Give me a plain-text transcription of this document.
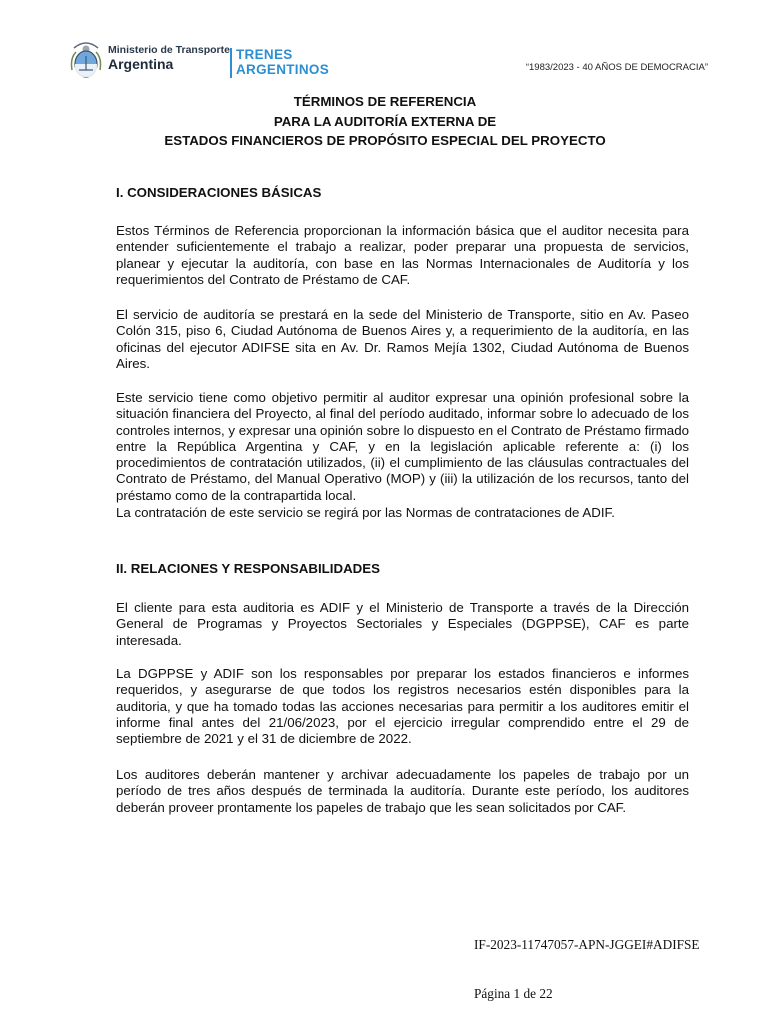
Ministerio de Transporte
Argentina
TRENES
ARGENTINOS	“1983/2023 - 40 AÑOS DE DEMOCRACIA”
TÉRMINOS DE REFERENCIA
PARA LA AUDITORÍA EXTERNA DE
ESTADOS FINANCIEROS DE PROPÓSITO ESPECIAL DEL PROYECTO
I. CONSIDERACIONES BÁSICAS

Estos Términos de Referencia proporcionan la información básica que el auditor necesita para entender suficientemente el trabajo a realizar, poder preparar una propuesta de servicios, planear y ejecutar la auditoría, con base en las Normas Internacionales de Auditoría y los requerimientos del Contrato de Préstamo de CAF.

El servicio de auditoría se prestará en la sede del Ministerio de Transporte, sitio en Av. Paseo Colón 315, piso 6, Ciudad Autónoma de Buenos Aires y, a requerimiento de la auditoría, en las oficinas del ejecutor ADIFSE sita en Av. Dr. Ramos Mejía 1302, Ciudad Autónoma de Buenos Aires.

Este servicio tiene como objetivo permitir al auditor expresar una opinión profesional sobre la situación financiera del Proyecto, al final del período auditado, informar sobre lo adecuado de los controles internos, y expresar una opinión sobre lo dispuesto en el Contrato de Préstamo firmado entre la República Argentina y CAF, y en la legislación aplicable referente a: (i) los procedimientos de contratación utilizados, (ii) el cumplimiento de las cláusulas contractuales del Contrato de Préstamo, del Manual Operativo (MOP) y (iii) la utilización de los recursos, tanto del préstamo como de la contrapartida local.

La contratación de este servicio se regirá por las Normas de contrataciones de ADIF.

II. RELACIONES Y RESPONSABILIDADES

El cliente para esta auditoria es ADIF y el Ministerio de Transporte a través de la Dirección General de Programas y Proyectos Sectoriales y Especiales (DGPPSE), CAF es parte interesada.

La DGPPSE y ADIF son los responsables por preparar los estados financieros e informes requeridos, y asegurarse de que todos los registros necesarios estén disponibles para la auditoria, y que ha tomado todas las acciones necesarias para permitir a los auditores emitir el informe final antes del 21/06/2023, por el ejercicio irregular comprendido entre el 29 de septiembre de 2021 y el 31 de diciembre de 2022.

Los auditores deberán mantener y archivar adecuadamente los papeles de trabajo por un período de tres años después de terminada la auditoría. Durante este período, los auditores deberán proveer prontamente los papeles de trabajo que les sean solicitados por CAF.

IF-2023-11747057-APN-JGGEI#ADIFSE
Página 1 de 22
